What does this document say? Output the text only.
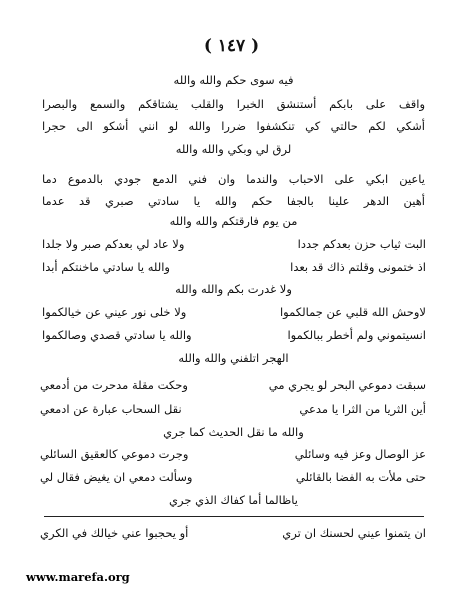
( ١٤٧ )
فيه سوى حكم والله والله
واقف على بابكم أستنشق الخبرا والقلب يشتاقكم والسمع والبصرا
أشكي لكم حالتي كي تنكشفوا ضررا والله لو انني أشكو الى حجرا
لرق لي وبكي والله والله
ياعين ابكي على الاحباب والندما وان فني الدمع جودي بالدموع دما
أهين الدهر علينا بالجفا حكم والله يا سادتي صبري قد عدما
من يوم فارقتكم والله والله
البت ثياب حزن بعدكم جددا
ولا عاد لي بعدكم صبر ولا جلدا
اذ ختمونى وقلتم ذاك قد بعدا
والله يا سادتي ماخنتكم أبدا
ولا غدرت بكم والله والله
لاوحش الله قلبي عن جمالكموا
ولا خلى نور عيني عن خيالكموا
انسيتموني ولم أخطر ببالكموا
والله يا سادتي قصدي وصالكموا
الهجر اتلفني والله والله
سبقت دموعي البحر لو يجري مي
وحكت مقلة مدحرت من أدمعي
أين الثريا من الثرا يا مدعي
نقل السحاب عبارة عن ادمعي
والله ما نقل الحديث كما جري
عز الوصال وعز فيه وسائلي
وجرت دموعي كالعقيق السائلي
حتى ملأت به الفضا بالقائلي
وسألت دمعي ان يغيض فقال لي
ياظالما أما كفاك الذي جري
ان يتمنوا عيني لحسنك ان تري
أو يحجبوا عني خيالك في الكري
www.marefa.org
